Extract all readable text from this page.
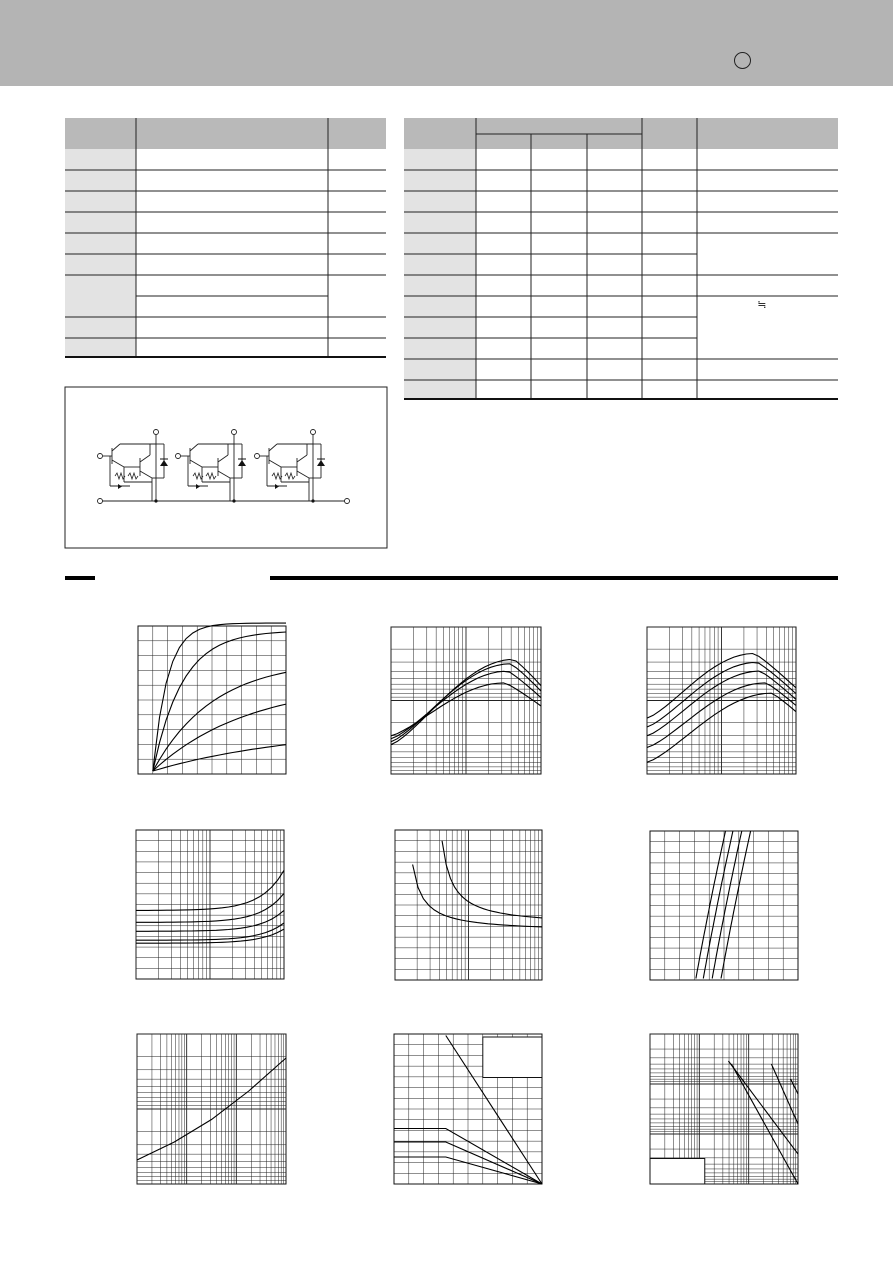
≒
